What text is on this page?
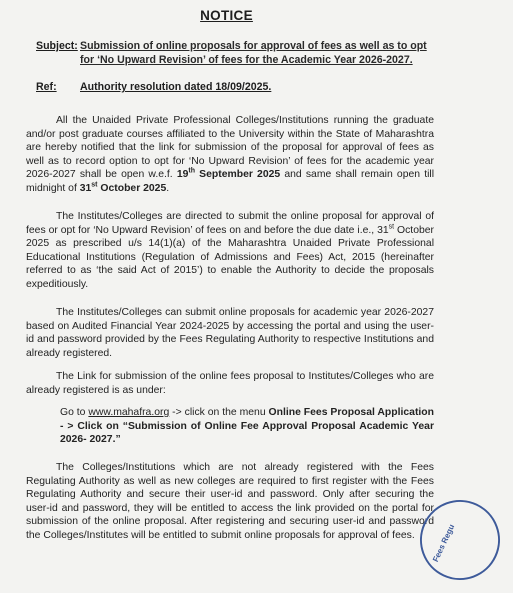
NOTICE
Subject: Submission of online proposals for approval of fees as well as to opt for ‘No Upward Revision’ of fees for the Academic Year 2026-2027.
Ref: Authority resolution dated 18/09/2025.
All the Unaided Private Professional Colleges/Institutions running the graduate and/or post graduate courses affiliated to the University within the State of Maharashtra are hereby notified that the link for submission of the proposal for approval of fees as well as to record option to opt for ‘No Upward Revision’ of fees for the academic year 2026-2027 shall be open w.e.f. 19th September 2025 and same shall remain open till midnight of 31st October 2025.
The Institutes/Colleges are directed to submit the online proposal for approval of fees or opt for ‘No Upward Revision’ of fees on and before the due date i.e., 31st October 2025 as prescribed u/s 14(1)(a) of the Maharashtra Unaided Private Professional Educational Institutions (Regulation of Admissions and Fees) Act, 2015 (hereinafter referred to as ‘the said Act of 2015’) to enable the Authority to decide the proposals expeditiously.
The Institutes/Colleges can submit online proposals for academic year 2026-2027 based on Audited Financial Year 2024-2025 by accessing the portal and using the user-id and password provided by the Fees Regulating Authority to respective Institutions and already registered.
The Link for submission of the online fees proposal to Institutes/Colleges who are already registered is as under:
Go to www.mahafra.org -> click on the menu Online Fees Proposal Application - > Click on “Submission of Online Fee Approval Proposal Academic Year 2026- 2027.”
The Colleges/Institutions which are not already registered with the Fees Regulating Authority as well as new colleges are required to first register with the Fees Regulating Authority and secure their user-id and password. Only after securing the user-id and password, they will be entitled to access the link provided on the portal for submission of the online proposal. After registering and securing user-id and password the Colleges/Institutes will be entitled to submit online proposals for approval of fees.	Fees Regu
